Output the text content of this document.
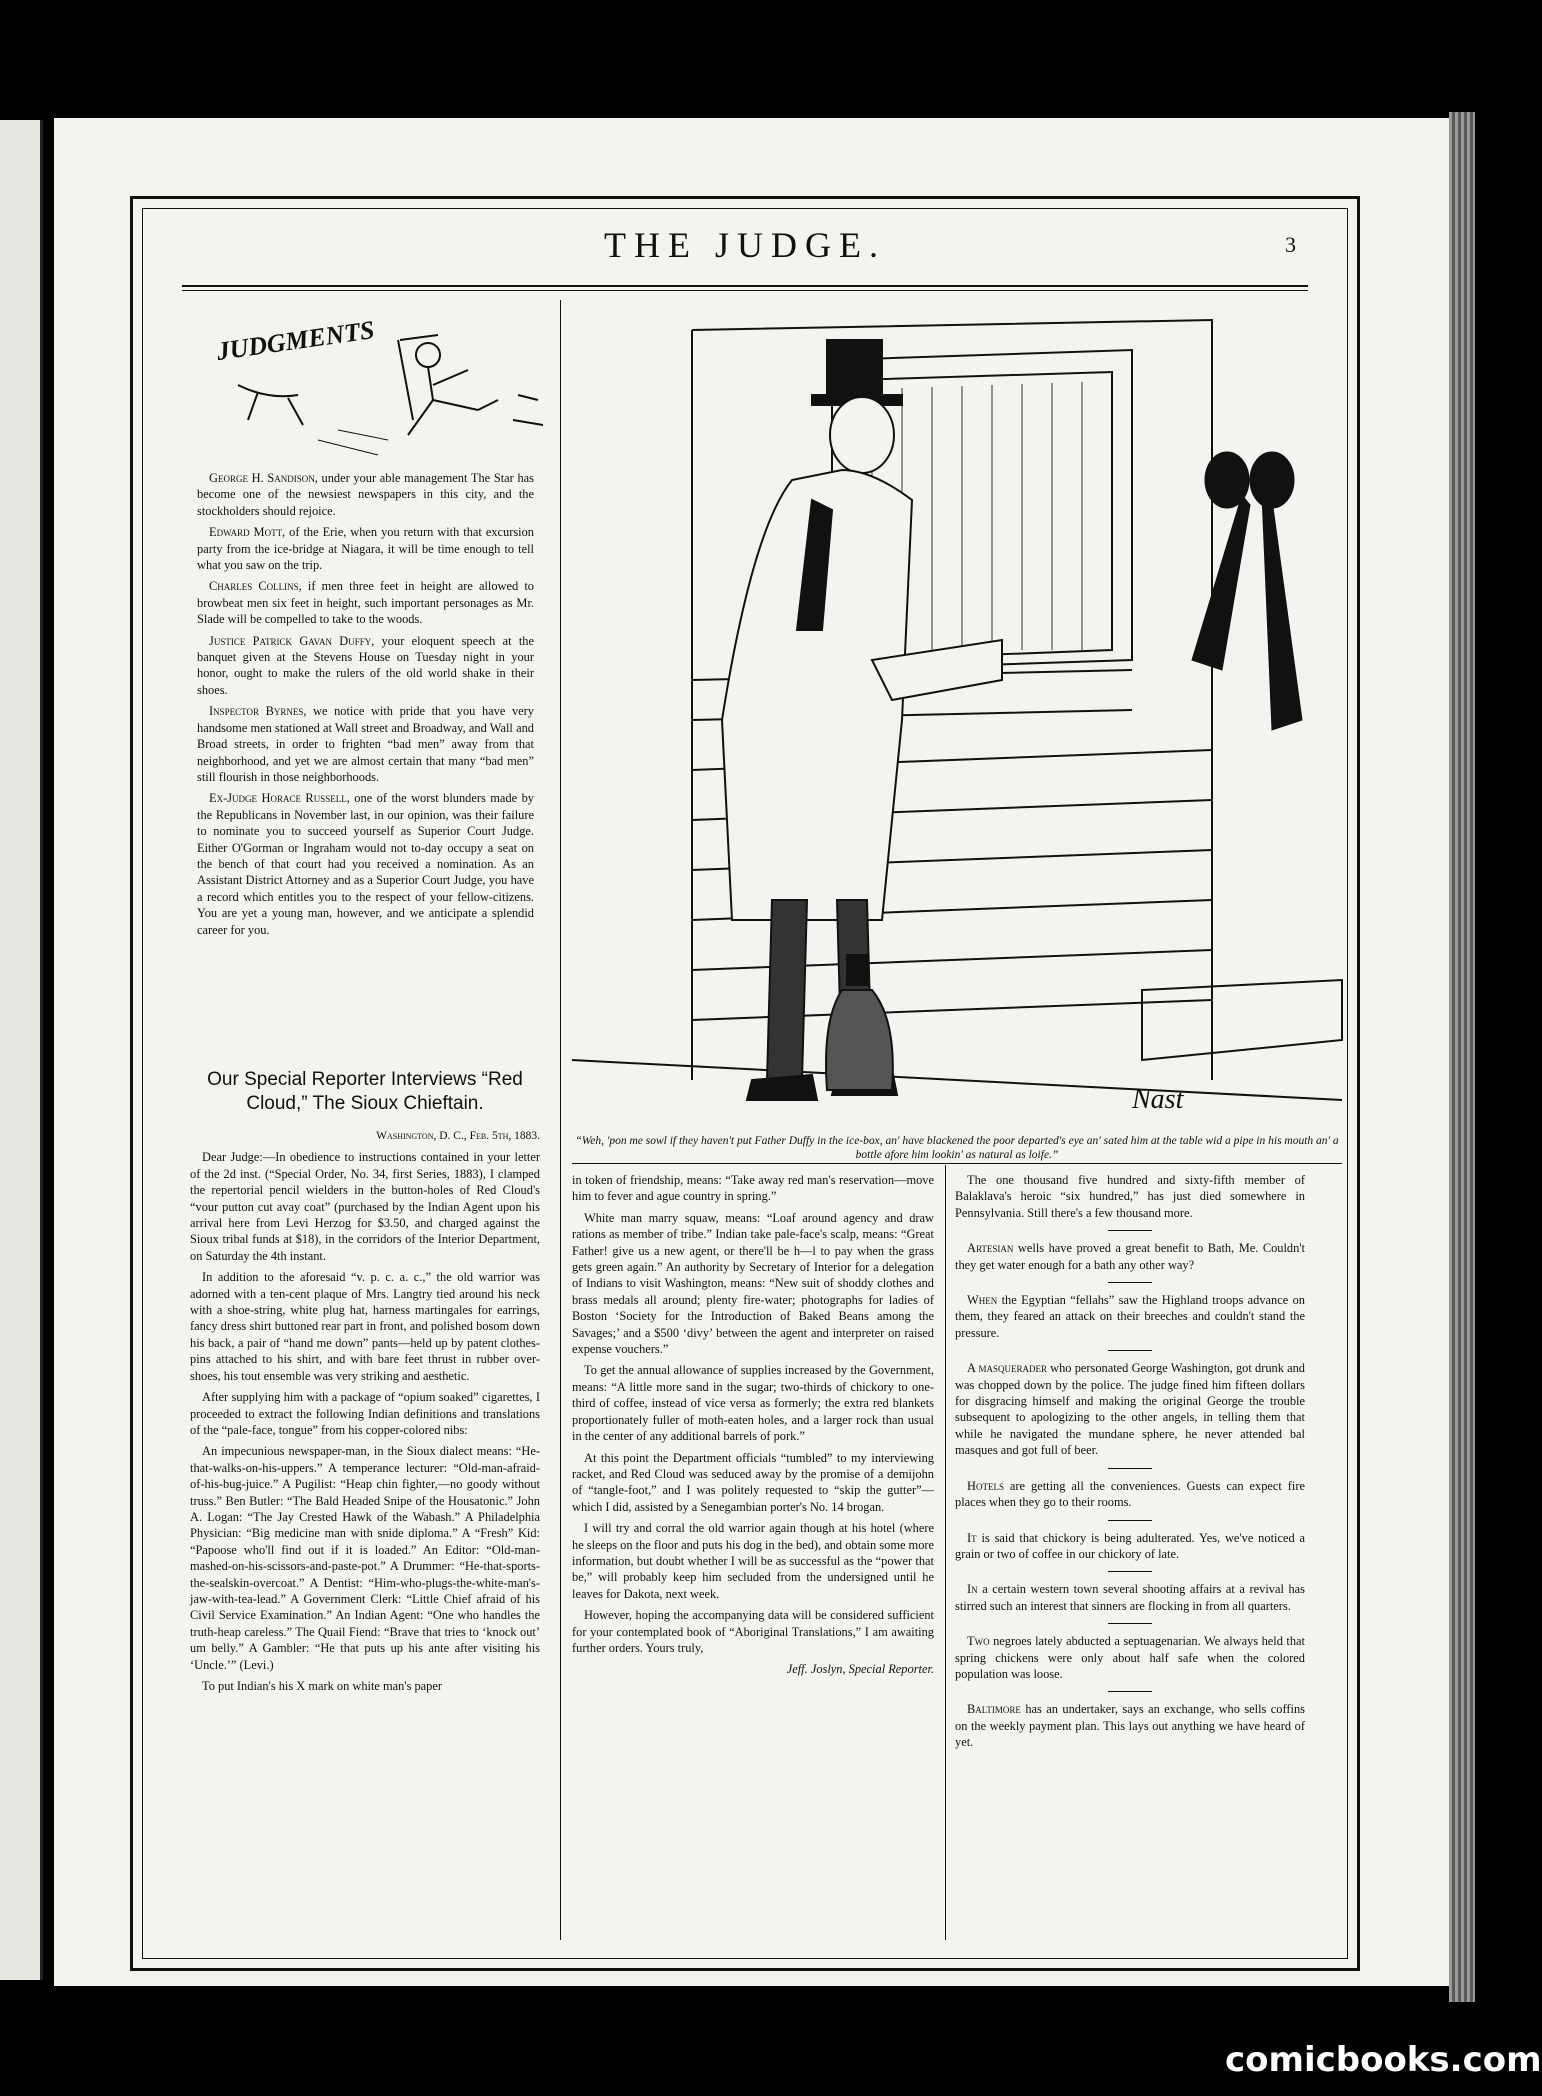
THE JUDGE.	3
JUDGMENTS

George H. Sandison, under your able management The Star has become one of the newsiest newspapers in this city, and the stockholders should rejoice.

Edward Mott, of the Erie, when you return with that excursion party from the ice-bridge at Niagara, it will be time enough to tell what you saw on the trip.

Charles Collins, if men three feet in height are allowed to browbeat men six feet in height, such important personages as Mr. Slade will be compelled to take to the woods.

Justice Patrick Gavan Duffy, your eloquent speech at the banquet given at the Stevens House on Tuesday night in your honor, ought to make the rulers of the old world shake in their shoes.

Inspector Byrnes, we notice with pride that you have very handsome men stationed at Wall street and Broadway, and Wall and Broad streets, in order to frighten “bad men” away from that neighborhood, and yet we are almost certain that many “bad men” still flourish in those neighborhoods.

Ex-Judge Horace Russell, one of the worst blunders made by the Republicans in November last, in our opinion, was their failure to nominate you to succeed yourself as Superior Court Judge. Either O'Gorman or Ingraham would not to-day occupy a seat on the bench of that court had you received a nomination. As an Assistant District Attorney and as a Superior Court Judge, you have a record which entitles you to the respect of your fellow-citizens. You are yet a young man, however, and we anticipate a splendid career for you.

Our Special Reporter Interviews “Red Cloud,” The Sioux Chieftain.

Washington, D. C., Feb. 5th, 1883.

Dear Judge:—In obedience to instructions contained in your letter of the 2d inst. (“Special Order, No. 34, first Series, 1883), I clamped the repertorial pencil wielders in the button-holes of Red Cloud's “vour putton cut avay coat” (purchased by the Indian Agent upon his arrival here from Levi Herzog for $3.50, and charged against the Sioux tribal funds at $18), in the corridors of the Interior Department, on Saturday the 4th instant.

In addition to the aforesaid “v. p. c. a. c.,” the old warrior was adorned with a ten-cent plaque of Mrs. Langtry tied around his neck with a shoe-string, white plug hat, harness martingales for earrings, fancy dress shirt buttoned rear part in front, and polished bosom down his back, a pair of “hand me down” pants—held up by patent clothes-pins attached to his shirt, and with bare feet thrust in rubber over-shoes, his tout ensemble was very striking and aesthetic.

After supplying him with a package of “opium soaked” cigarettes, I proceeded to extract the following Indian definitions and translations of the “pale-face, tongue” from his copper-colored nibs:

An impecunious newspaper-man, in the Sioux dialect means: “He-that-walks-on-his-uppers.” A temperance lecturer: “Old-man-afraid-of-his-bug-juice.” A Pugilist: “Heap chin fighter,—no goody without truss.” Ben Butler: “The Bald Headed Snipe of the Housatonic.” John A. Logan: “The Jay Crested Hawk of the Wabash.” A Philadelphia Physician: “Big medicine man with snide diploma.” A “Fresh” Kid: “Papoose who'll find out if it is loaded.” An Editor: “Old-man-mashed-on-his-scissors-and-paste-pot.” A Drummer: “He-that-sports-the-sealskin-overcoat.” A Dentist: “Him-who-plugs-the-white-man's-jaw-with-tea-lead.” A Government Clerk: “Little Chief afraid of his Civil Service Examination.” An Indian Agent: “One who handles the truth-heap careless.” The Quail Fiend: “Brave that tries to ‘knock out’ um belly.” A Gambler: “He that puts up his ante after visiting his ‘Uncle.’” (Levi.)

To put Indian's his X mark on white man's paper

Nast
“Weh, 'pon me sowl if they haven't put Father Duffy in the ice-box, an' have blackened the poor departed's eye an' sated him at the table wid a pipe in his mouth an' a bottle afore him lookin' as natural as loife.”

in token of friendship, means: “Take away red man's reservation—move him to fever and ague country in spring.”

White man marry squaw, means: “Loaf around agency and draw rations as member of tribe.” Indian take pale-face's scalp, means: “Great Father! give us a new agent, or there'll be h—l to pay when the grass gets green again.” An authority by Secretary of Interior for a delegation of Indians to visit Washington, means: “New suit of shoddy clothes and brass medals all around; plenty fire-water; photographs for ladies of Boston ‘Society for the Introduction of Baked Beans among the Savages;’ and a $500 ‘divy’ between the agent and interpreter on raised expense vouchers.”

To get the annual allowance of supplies increased by the Government, means: “A little more sand in the sugar; two-thirds of chickory to one-third of coffee, instead of vice versa as formerly; the extra red blankets proportionately fuller of moth-eaten holes, and a larger rock than usual in the center of any additional barrels of pork.”

At this point the Department officials “tumbled” to my interviewing racket, and Red Cloud was seduced away by the promise of a demijohn of “tangle-foot,” and I was politely requested to “skip the gutter”—which I did, assisted by a Senegambian porter's No. 14 brogan.

I will try and corral the old warrior again though at his hotel (where he sleeps on the floor and puts his dog in the bed), and obtain some more information, but doubt whether I will be as successful as the “power that be,” will probably keep him secluded from the undersigned until he leaves for Dakota, next week.

However, hoping the accompanying data will be considered sufficient for your contemplated book of “Aboriginal Translations,” I am awaiting further orders. Yours truly,

Jeff. Joslyn, Special Reporter.

The one thousand five hundred and sixty-fifth member of Balaklava's heroic “six hundred,” has just died somewhere in Pennsylvania. Still there's a few thousand more.

Artesian wells have proved a great benefit to Bath, Me. Couldn't they get water enough for a bath any other way?

When the Egyptian “fellahs” saw the Highland troops advance on them, they feared an attack on their breeches and couldn't stand the pressure.

A masquerader who personated George Washington, got drunk and was chopped down by the police. The judge fined him fifteen dollars for disgracing himself and making the original George the trouble subsequent to apologizing to the other angels, in telling them that while he navigated the mundane sphere, he never attended bal masques and got full of beer.

Hotels are getting all the conveniences. Guests can expect fire places when they go to their rooms.

It is said that chickory is being adulterated. Yes, we've noticed a grain or two of coffee in our chickory of late.

In a certain western town several shooting affairs at a revival has stirred such an interest that sinners are flocking in from all quarters.

Two negroes lately abducted a septuagenarian. We always held that spring chickens were only about half safe when the colored population was loose.

Baltimore has an undertaker, says an exchange, who sells coffins on the weekly payment plan. This lays out anything we have heard of yet.

comicbooks.com
